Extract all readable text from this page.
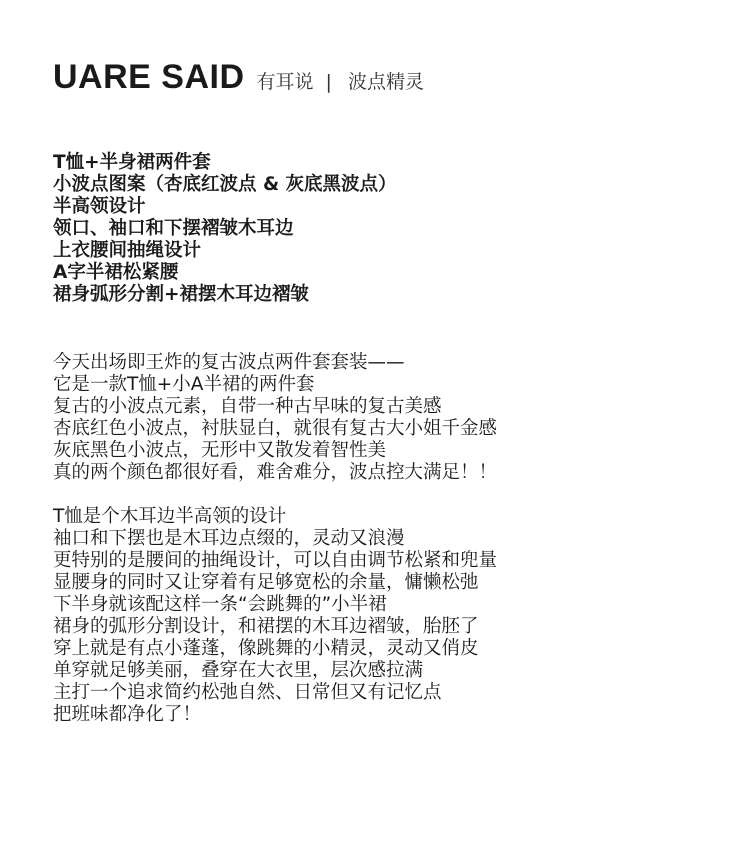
UARE SAID 有耳说 | 波点精灵
T恤+半身裙两件套
小波点图案（杏底红波点 & 灰底黑波点）
半高领设计
领口、袖口和下摆褶皱木耳边
上衣腰间抽绳设计
A字半裙松紧腰
裙身弧形分割+裙摆木耳边褶皱
今天出场即王炸的复古波点两件套套装——
它是一款T恤+小A半裙的两件套
复古的小波点元素，自带一种古早味的复古美感
杏底红色小波点，衬肤显白，就很有复古大小姐千金感
灰底黑色小波点，无形中又散发着智性美
真的两个颜色都很好看，难舍难分，波点控大满足！！
T恤是个木耳边半高领的设计
袖口和下摆也是木耳边点缀的，灵动又浪漫
更特别的是腰间的抽绳设计，可以自由调节松紧和兜量
显腰身的同时又让穿着有足够宽松的余量，慵懒松弛
下半身就该配这样一条“会跳舞的”小半裙
裙身的弧形分割设计，和裙摆的木耳边褶皱，胎胚了
穿上就是有点小蓬蓬，像跳舞的小精灵，灵动又俏皮
单穿就足够美丽，叠穿在大衣里，层次感拉满
主打一个追求简约松弛自然、日常但又有记忆点
把班味都净化了！
